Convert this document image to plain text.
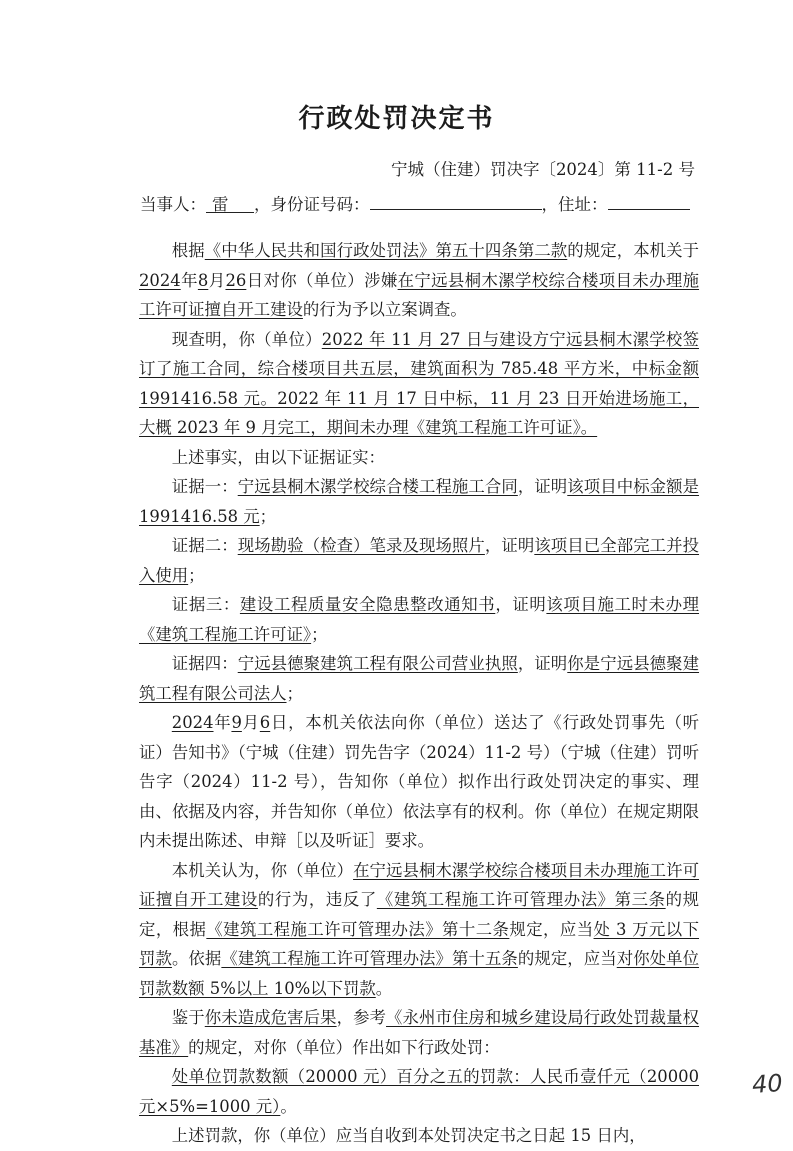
行政处罚决定书
宁城（住建）罚决字〔2024〕第 11-2 号
当事人： 雷 ，身份证号码：	，住址：

根据《中华人民共和国行政处罚法》第五十四条第二款的规定，本机关于2024年8月26日对你（单位）涉嫌在宁远县桐木漯学校综合楼项目未办理施工许可证擅自开工建设的行为予以立案调查。

现查明，你（单位）2022 年 11 月 27 日与建设方宁远县桐木漯学校签订了施工合同，综合楼项目共五层，建筑面积为 785.48 平方米，中标金额 1991416.58 元。2022 年 11 月 17 日中标，11 月 23 日开始进场施工，大概 2023 年 9 月完工，期间未办理《建筑工程施工许可证》。

上述事实，由以下证据证实：

证据一：宁远县桐木漯学校综合楼工程施工合同，证明该项目中标金额是 1991416.58 元；

证据二：现场勘验（检查）笔录及现场照片，证明该项目已全部完工并投入使用；

证据三：建设工程质量安全隐患整改通知书，证明该项目施工时未办理《建筑工程施工许可证》；

证据四：宁远县德聚建筑工程有限公司营业执照，证明你是宁远县德聚建筑工程有限公司法人；

2024年9月6日，本机关依法向你（单位）送达了《行政处罚事先（听证）告知书》（宁城（住建）罚先告字（2024）11-2 号）（宁城（住建）罚听告字（2024）11-2 号），告知你（单位）拟作出行政处罚决定的事实、理由、依据及内容，并告知你（单位）依法享有的权利。你（单位）在规定期限内未提出陈述、申辩［以及听证］要求。

本机关认为，你（单位）在宁远县桐木漯学校综合楼项目未办理施工许可证擅自开工建设的行为，违反了《建筑工程施工许可管理办法》第三条的规定，根据《建筑工程施工许可管理办法》第十二条规定，应当处 3 万元以下罚款。依据《建筑工程施工许可管理办法》第十五条的规定，应当对你处单位罚款数额 5%以上 10%以下罚款。

鉴于你未造成危害后果，参考《永州市住房和城乡建设局行政处罚裁量权基准》的规定，对你（单位）作出如下行政处罚：

处单位罚款数额（20000 元）百分之五的罚款：人民币壹仟元（20000 元×5%=1000 元）。

上述罚款，你（单位）应当自收到本处罚决定书之日起 15 日内，

40
